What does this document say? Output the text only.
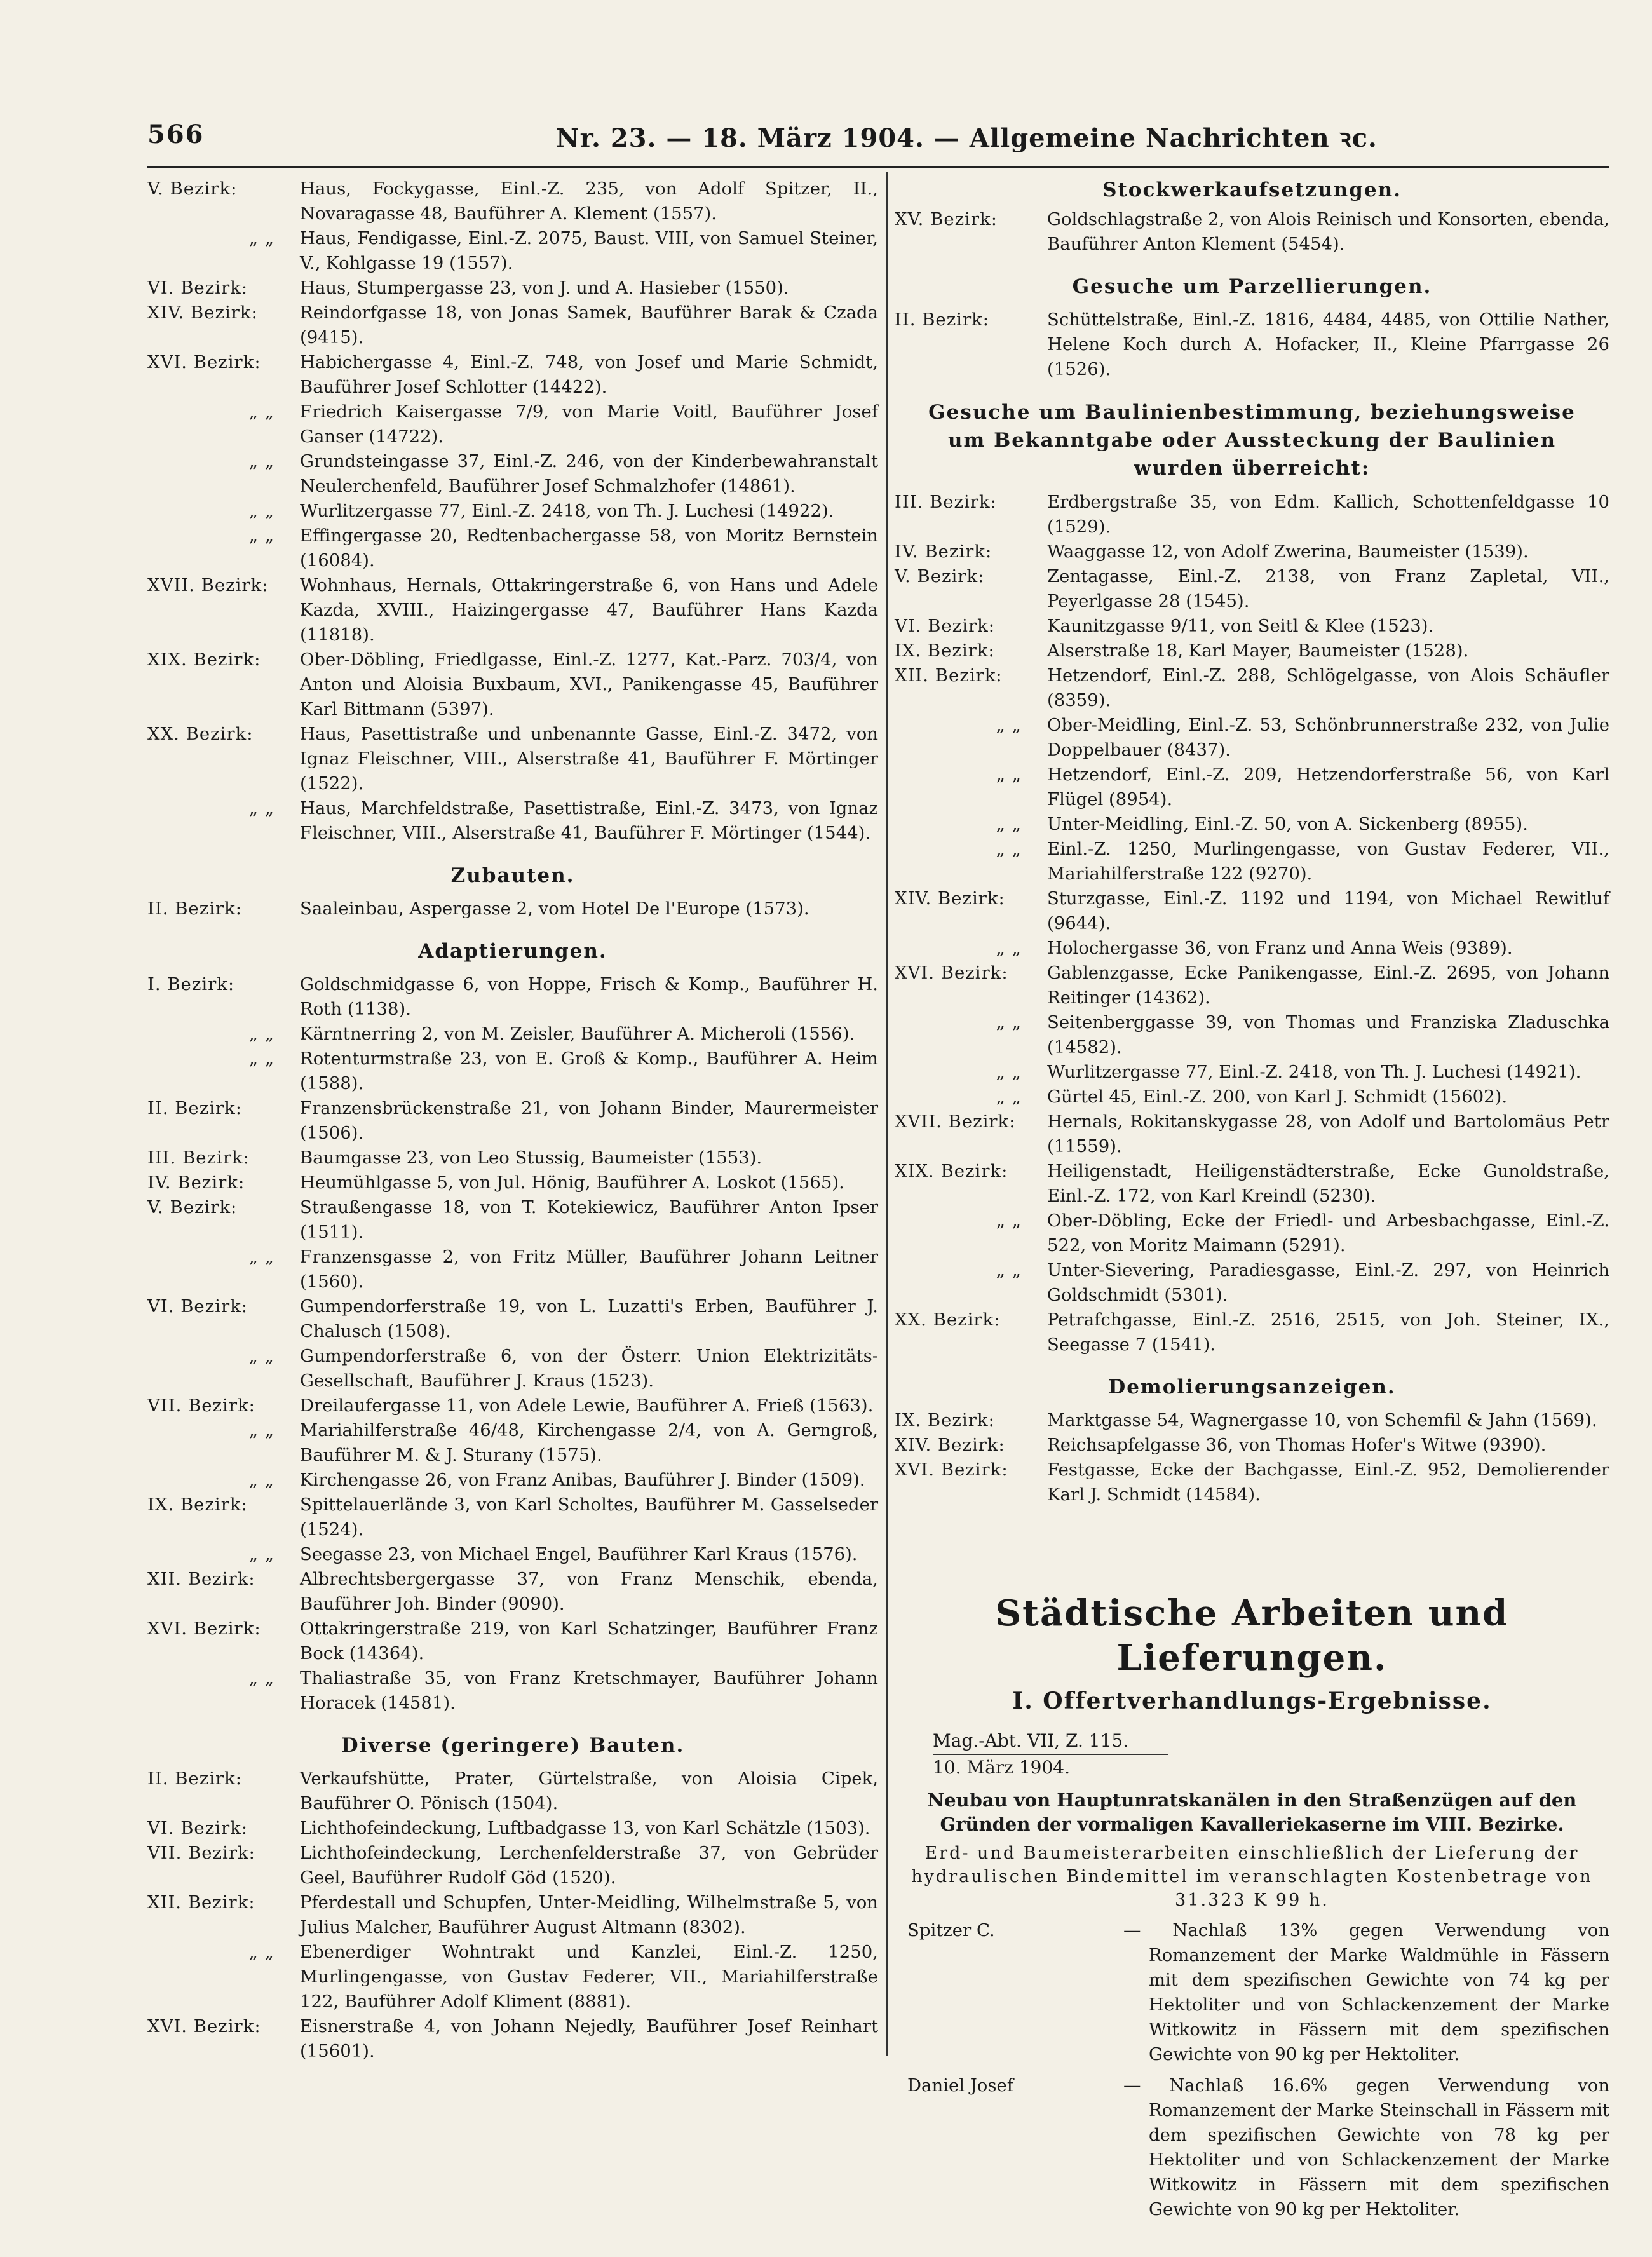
566	Nr. 23. — 18. März 1904. — Allgemeine Nachrichten ꝛc.
V. Bezirk:	Haus, Fockygasse, Einl.-Z. 235, von Adolf Spitzer, II., Novaragasse 48, Bauführer A. Klement (1557).
„ „	Haus, Fendigasse, Einl.-Z. 2075, Baust. VIII, von Samuel Steiner, V., Kohlgasse 19 (1557).
VI. Bezirk:	Haus, Stumpergasse 23, von J. und A. Hasieber (1550).
XIV. Bezirk:	Reindorfgasse 18, von Jonas Samek, Bauführer Barak & Czada (9415).
XVI. Bezirk:	Habichergasse 4, Einl.-Z. 748, von Josef und Marie Schmidt, Bauführer Josef Schlotter (14422).
„ „	Friedrich Kaisergasse 7/9, von Marie Voitl, Bauführer Josef Ganser (14722).
„ „	Grundsteingasse 37, Einl.-Z. 246, von der Kinderbewahranstalt Neulerchenfeld, Bauführer Josef Schmalzhofer (14861).
„ „	Wurlitzergasse 77, Einl.-Z. 2418, von Th. J. Luchesi (14922).
„ „	Effingergasse 20, Redtenbachergasse 58, von Moritz Bernstein (16084).
XVII. Bezirk:	Wohnhaus, Hernals, Ottakringerstraße 6, von Hans und Adele Kazda, XVIII., Haizingergasse 47, Bauführer Hans Kazda (11818).
XIX. Bezirk:	Ober-Döbling, Friedlgasse, Einl.-Z. 1277, Kat.-Parz. 703/4, von Anton und Aloisia Buxbaum, XVI., Panikengasse 45, Bauführer Karl Bittmann (5397).
XX. Bezirk:	Haus, Pasettistraße und unbenannte Gasse, Einl.-Z. 3472, von Ignaz Fleischner, VIII., Alserstraße 41, Bauführer F. Mörtinger (1522).
„ „	Haus, Marchfeldstraße, Pasettistraße, Einl.-Z. 3473, von Ignaz Fleischner, VIII., Alserstraße 41, Bauführer F. Mörtinger (1544).
Zubauten.
II. Bezirk:	Saaleinbau, Aspergasse 2, vom Hotel De l'Europe (1573).
Adaptierungen.
I. Bezirk:	Goldschmidgasse 6, von Hoppe, Frisch & Komp., Bauführer H. Roth (1138).
„ „	Kärntnerring 2, von M. Zeisler, Bauführer A. Micheroli (1556).
„ „	Rotenturmstraße 23, von E. Groß & Komp., Bauführer A. Heim (1588).
II. Bezirk:	Franzensbrückenstraße 21, von Johann Binder, Maurermeister (1506).
III. Bezirk:	Baumgasse 23, von Leo Stussig, Baumeister (1553).
IV. Bezirk:	Heumühlgasse 5, von Jul. Hönig, Bauführer A. Loskot (1565).
V. Bezirk:	Straußengasse 18, von T. Kotekiewicz, Bauführer Anton Ipser (1511).
„ „	Franzensgasse 2, von Fritz Müller, Bauführer Johann Leitner (1560).
VI. Bezirk:	Gumpendorferstraße 19, von L. Luzatti's Erben, Bauführer J. Chalusch (1508).
„ „	Gumpendorferstraße 6, von der Österr. Union Elektrizitäts-Gesellschaft, Bauführer J. Kraus (1523).
VII. Bezirk:	Dreilaufergasse 11, von Adele Lewie, Bauführer A. Frieß (1563).
„ „	Mariahilferstraße 46/48, Kirchengasse 2/4, von A. Gerngroß, Bauführer M. & J. Sturany (1575).
„ „	Kirchengasse 26, von Franz Anibas, Bauführer J. Binder (1509).
IX. Bezirk:	Spittelauerlände 3, von Karl Scholtes, Bauführer M. Gasselseder (1524).
„ „	Seegasse 23, von Michael Engel, Bauführer Karl Kraus (1576).
XII. Bezirk:	Albrechtsbergergasse 37, von Franz Menschik, ebenda, Bauführer Joh. Binder (9090).
XVI. Bezirk:	Ottakringerstraße 219, von Karl Schatzinger, Bauführer Franz Bock (14364).
„ „	Thaliastraße 35, von Franz Kretschmayer, Bauführer Johann Horacek (14581).
Diverse (geringere) Bauten.
II. Bezirk:	Verkaufshütte, Prater, Gürtelstraße, von Aloisia Cipek, Bauführer O. Pönisch (1504).
VI. Bezirk:	Lichthofeindeckung, Luftbadgasse 13, von Karl Schätzle (1503).
VII. Bezirk:	Lichthofeindeckung, Lerchenfelderstraße 37, von Gebrüder Geel, Bauführer Rudolf Göd (1520).
XII. Bezirk:	Pferdestall und Schupfen, Unter-Meidling, Wilhelmstraße 5, von Julius Malcher, Bauführer August Altmann (8302).
„ „	Ebenerdiger Wohntrakt und Kanzlei, Einl.-Z. 1250, Murlingengasse, von Gustav Federer, VII., Mariahilferstraße 122, Bauführer Adolf Kliment (8881).
XVI. Bezirk:	Eisnerstraße 4, von Johann Nejedly, Bauführer Josef Reinhart (15601).
Stockwerkaufsetzungen.
XV. Bezirk:	Goldschlagstraße 2, von Alois Reinisch und Konsorten, ebenda, Bauführer Anton Klement (5454).
Gesuche um Parzellierungen.
II. Bezirk:	Schüttelstraße, Einl.-Z. 1816, 4484, 4485, von Ottilie Nather, Helene Koch durch A. Hofacker, II., Kleine Pfarrgasse 26 (1526).
Gesuche um Baulinienbestimmung, beziehungsweise um Bekanntgabe oder Aussteckung der Baulinien wurden überreicht:
III. Bezirk:	Erdbergstraße 35, von Edm. Kallich, Schottenfeldgasse 10 (1529).
IV. Bezirk:	Waaggasse 12, von Adolf Zwerina, Baumeister (1539).
V. Bezirk:	Zentagasse, Einl.-Z. 2138, von Franz Zapletal, VII., Peyerlgasse 28 (1545).
VI. Bezirk:	Kaunitzgasse 9/11, von Seitl & Klee (1523).
IX. Bezirk:	Alserstraße 18, Karl Mayer, Baumeister (1528).
XII. Bezirk:	Hetzendorf, Einl.-Z. 288, Schlögelgasse, von Alois Schäufler (8359).
„ „	Ober-Meidling, Einl.-Z. 53, Schönbrunnerstraße 232, von Julie Doppelbauer (8437).
„ „	Hetzendorf, Einl.-Z. 209, Hetzendorferstraße 56, von Karl Flügel (8954).
„ „	Unter-Meidling, Einl.-Z. 50, von A. Sickenberg (8955).
„ „	Einl.-Z. 1250, Murlingengasse, von Gustav Federer, VII., Mariahilferstraße 122 (9270).
XIV. Bezirk:	Sturzgasse, Einl.-Z. 1192 und 1194, von Michael Rewitluf (9644).
„ „	Holochergasse 36, von Franz und Anna Weis (9389).
XVI. Bezirk:	Gablenzgasse, Ecke Panikengasse, Einl.-Z. 2695, von Johann Reitinger (14362).
„ „	Seitenberggasse 39, von Thomas und Franziska Zladuschka (14582).
„ „	Wurlitzergasse 77, Einl.-Z. 2418, von Th. J. Luchesi (14921).
„ „	Gürtel 45, Einl.-Z. 200, von Karl J. Schmidt (15602).
XVII. Bezirk:	Hernals, Rokitanskygasse 28, von Adolf und Bartolomäus Petr (11559).
XIX. Bezirk:	Heiligenstadt, Heiligenstädterstraße, Ecke Gunoldstraße, Einl.-Z. 172, von Karl Kreindl (5230).
„ „	Ober-Döbling, Ecke der Friedl- und Arbesbachgasse, Einl.-Z. 522, von Moritz Maimann (5291).
„ „	Unter-Sievering, Paradiesgasse, Einl.-Z. 297, von Heinrich Goldschmidt (5301).
XX. Bezirk:	Petrafchgasse, Einl.-Z. 2516, 2515, von Joh. Steiner, IX., Seegasse 7 (1541).
Demolierungsanzeigen.
IX. Bezirk:	Marktgasse 54, Wagnergasse 10, von Schemfil & Jahn (1569).
XIV. Bezirk:	Reichsapfelgasse 36, von Thomas Hofer's Witwe (9390).
XVI. Bezirk:	Festgasse, Ecke der Bachgasse, Einl.-Z. 952, Demolierender Karl J. Schmidt (14584).
Städtische Arbeiten und Lieferungen.
I. Offertverhandlungs-Ergebnisse.
Mag.-Abt. VII, Z. 115.
10. März 1904.
Neubau von Hauptunratskanälen in den Straßenzügen auf den Gründen der vormaligen Kavalleriekaserne im VIII. Bezirke.
Erd- und Baumeisterarbeiten einschließlich der Lieferung der hydraulischen Bindemittel im veranschlagten Kostenbetrage von 31.323 K 99 h.
Spitzer C.	— Nachlaß 13% gegen Verwendung von Romanzement der Marke Waldmühle in Fässern mit dem spezifischen Gewichte von 74 kg per Hektoliter und von Schlackenzement der Marke Witkowitz in Fässern mit dem spezifischen Gewichte von 90 kg per Hektoliter.
Daniel Josef	— Nachlaß 16.6% gegen Verwendung von Romanzement der Marke Steinschall in Fässern mit dem spezifischen Gewichte von 78 kg per Hektoliter und von Schlackenzement der Marke Witkowitz in Fässern mit dem spezifischen Gewichte von 90 kg per Hektoliter.
